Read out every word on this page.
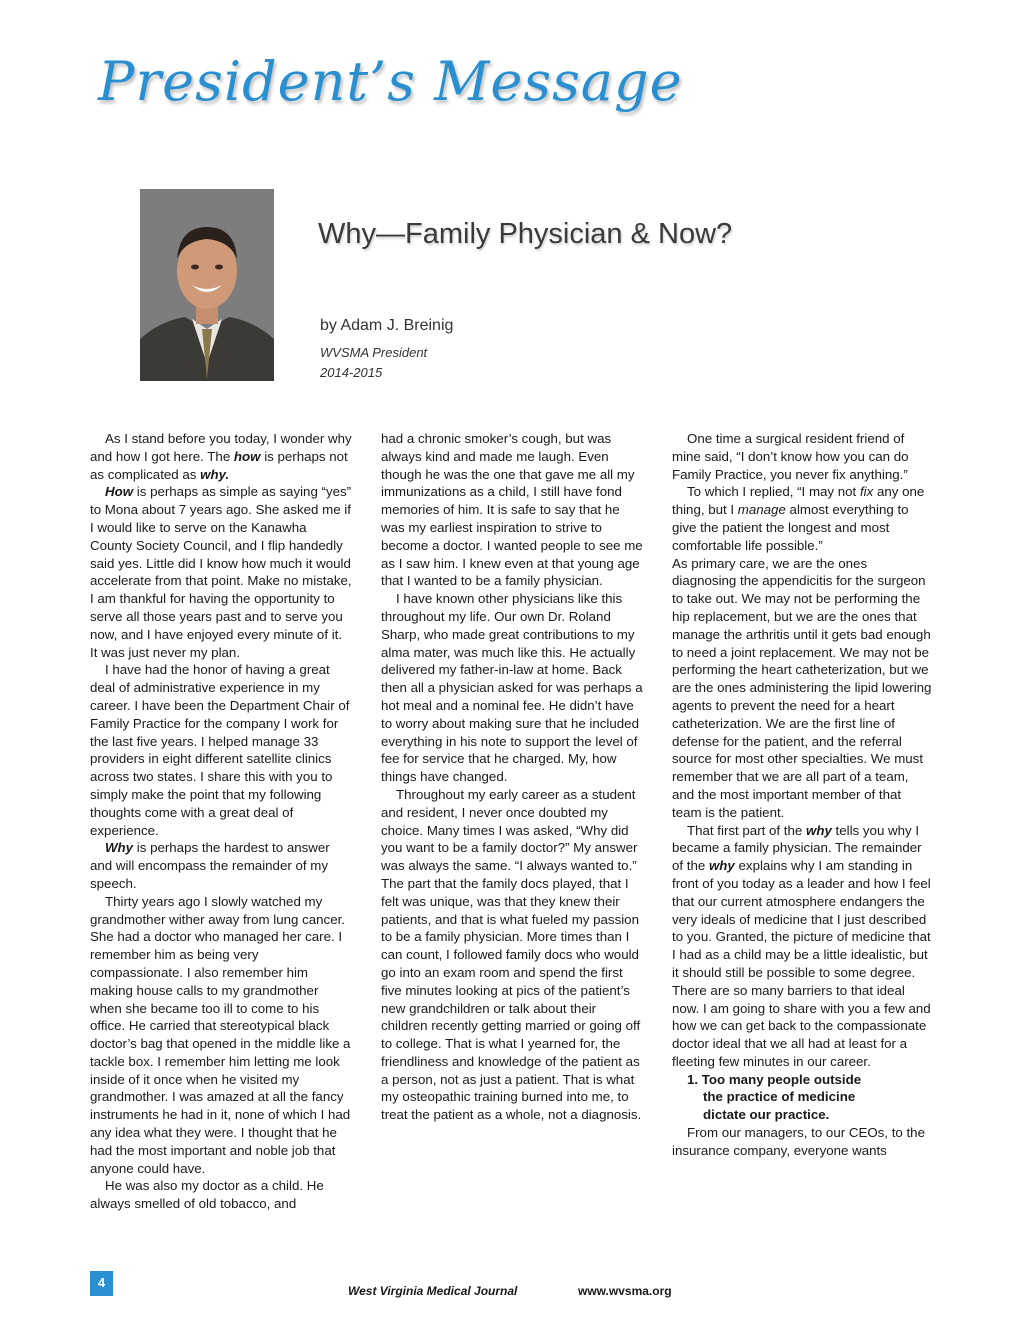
President’s Message
Why—Family Physician & Now?
by Adam J. Breinig
WVSMA President
2014-2015

As I stand before you today, I wonder why and how I got here. The how is perhaps not as complicated as why.

How is perhaps as simple as saying “yes” to Mona about 7 years ago. She asked me if I would like to serve on the Kanawha County Society Council, and I flip handedly said yes. Little did I know how much it would accelerate from that point. Make no mistake, I am thankful for having the opportunity to serve all those years past and to serve you now, and I have enjoyed every minute of it. It was just never my plan.

I have had the honor of having a great deal of administrative experience in my career. I have been the Department Chair of Family Practice for the company I work for the last five years. I helped manage 33 providers in eight different satellite clinics across two states. I share this with you to simply make the point that my following thoughts come with a great deal of experience.

Why is perhaps the hardest to answer and will encompass the remainder of my speech.

Thirty years ago I slowly watched my grandmother wither away from lung cancer. She had a doctor who managed her care. I remember him as being very compassionate. I also remember him making house calls to my grandmother when she became too ill to come to his office. He carried that stereotypical black doctor’s bag that opened in the middle like a tackle box. I remember him letting me look inside of it once when he visited my grandmother. I was amazed at all the fancy instruments he had in it, none of which I had any idea what they were. I thought that he had the most important and noble job that anyone could have.

He was also my doctor as a child. He always smelled of old tobacco, and

had a chronic smoker’s cough, but was always kind and made me laugh. Even though he was the one that gave me all my immunizations as a child, I still have fond memories of him. It is safe to say that he was my earliest inspiration to strive to become a doctor. I wanted people to see me as I saw him. I knew even at that young age that I wanted to be a family physician.

I have known other physicians like this throughout my life. Our own Dr. Roland Sharp, who made great contributions to my alma mater, was much like this. He actually delivered my father-in-law at home. Back then all a physician asked for was perhaps a hot meal and a nominal fee. He didn’t have to worry about making sure that he included everything in his note to support the level of fee for service that he charged. My, how things have changed.

Throughout my early career as a student and resident, I never once doubted my choice. Many times I was asked, “Why did you want to be a family doctor?” My answer was always the same. “I always wanted to.” The part that the family docs played, that I felt was unique, was that they knew their patients, and that is what fueled my passion to be a family physician. More times than I can count, I followed family docs who would go into an exam room and spend the first five minutes looking at pics of the patient’s new grandchildren or talk about their children recently getting married or going off to college. That is what I yearned for, the friendliness and knowledge of the patient as a person, not as just a patient. That is what my osteopathic training burned into me, to treat the patient as a whole, not a diagnosis.

One time a surgical resident friend of mine said, “I don’t know how you can do Family Practice, you never fix anything.”

To which I replied, “I may not fix any one thing, but I manage almost everything to give the patient the longest and most comfortable life possible.”

As primary care, we are the ones diagnosing the appendicitis for the surgeon to take out. We may not be performing the hip replacement, but we are the ones that manage the arthritis until it gets bad enough to need a joint replacement. We may not be performing the heart catheterization, but we are the ones administering the lipid lowering agents to prevent the need for a heart catheterization. We are the first line of defense for the patient, and the referral source for most other specialties. We must remember that we are all part of a team, and the most important member of that team is the patient.

That first part of the why tells you why I became a family physician. The remainder of the why explains why I am standing in front of you today as a leader and how I feel that our current atmosphere endangers the very ideals of medicine that I just described to you. Granted, the picture of medicine that I had as a child may be a little idealistic, but it should still be possible to some degree. There are so many barriers to that ideal now. I am going to share with you a few and how we can get back to the compassionate doctor ideal that we all had at least for a fleeting few minutes in our career.

1. Too many people outside
the practice of medicine
dictate our practice.

From our managers, to our CEOs, to the insurance company, everyone wants

4
West Virginia Medical Journal	www.wvsma.org
